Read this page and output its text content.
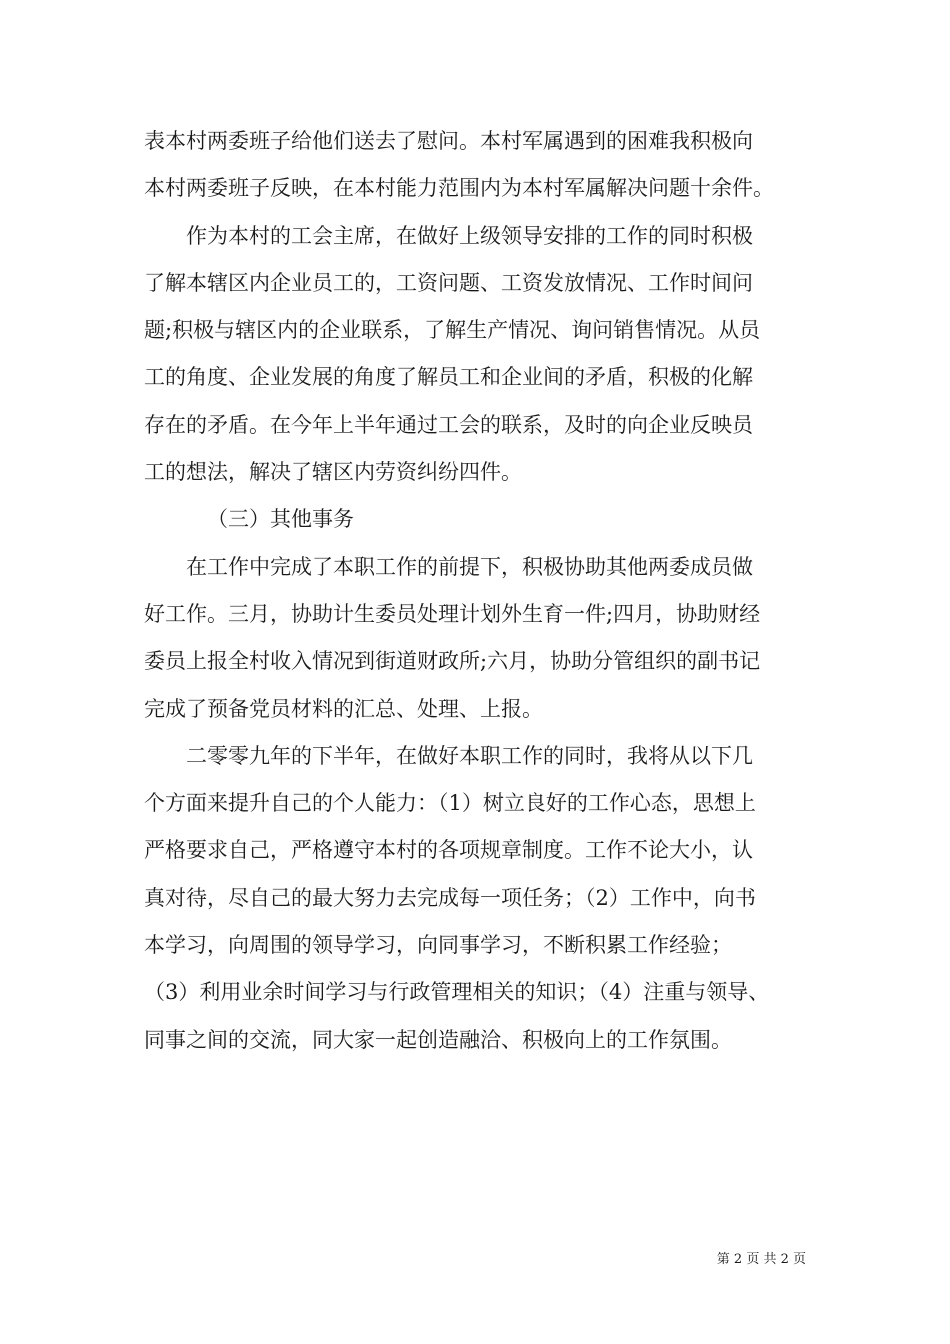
表本村两委班子给他们送去了慰问。本村军属遇到的困难我积极向
本村两委班子反映，在本村能力范围内为本村军属解决问题十余件。
作为本村的工会主席，在做好上级领导安排的工作的同时积极
了解本辖区内企业员工的，工资问题、工资发放情况、工作时间问
题;积极与辖区内的企业联系，了解生产情况、询问销售情况。从员
工的角度、企业发展的角度了解员工和企业间的矛盾，积极的化解
存在的矛盾。在今年上半年通过工会的联系，及时的向企业反映员
工的想法，解决了辖区内劳资纠纷四件。
（三）其他事务
在工作中完成了本职工作的前提下，积极协助其他两委成员做
好工作。三月，协助计生委员处理计划外生育一件;四月，协助财经
委员上报全村收入情况到街道财政所;六月，协助分管组织的副书记
完成了预备党员材料的汇总、处理、上报。
二零零九年的下半年，在做好本职工作的同时，我将从以下几
个方面来提升自己的个人能力：（1）树立良好的工作心态，思想上
严格要求自己，严格遵守本村的各项规章制度。工作不论大小，认
真对待，尽自己的最大努力去完成每一项任务；（2）工作中，向书
本学习，向周围的领导学习，向同事学习，不断积累工作经验；
（3）利用业余时间学习与行政管理相关的知识；（4）注重与领导、
同事之间的交流，同大家一起创造融洽、积极向上的工作氛围。
第 2 页 共 2 页
